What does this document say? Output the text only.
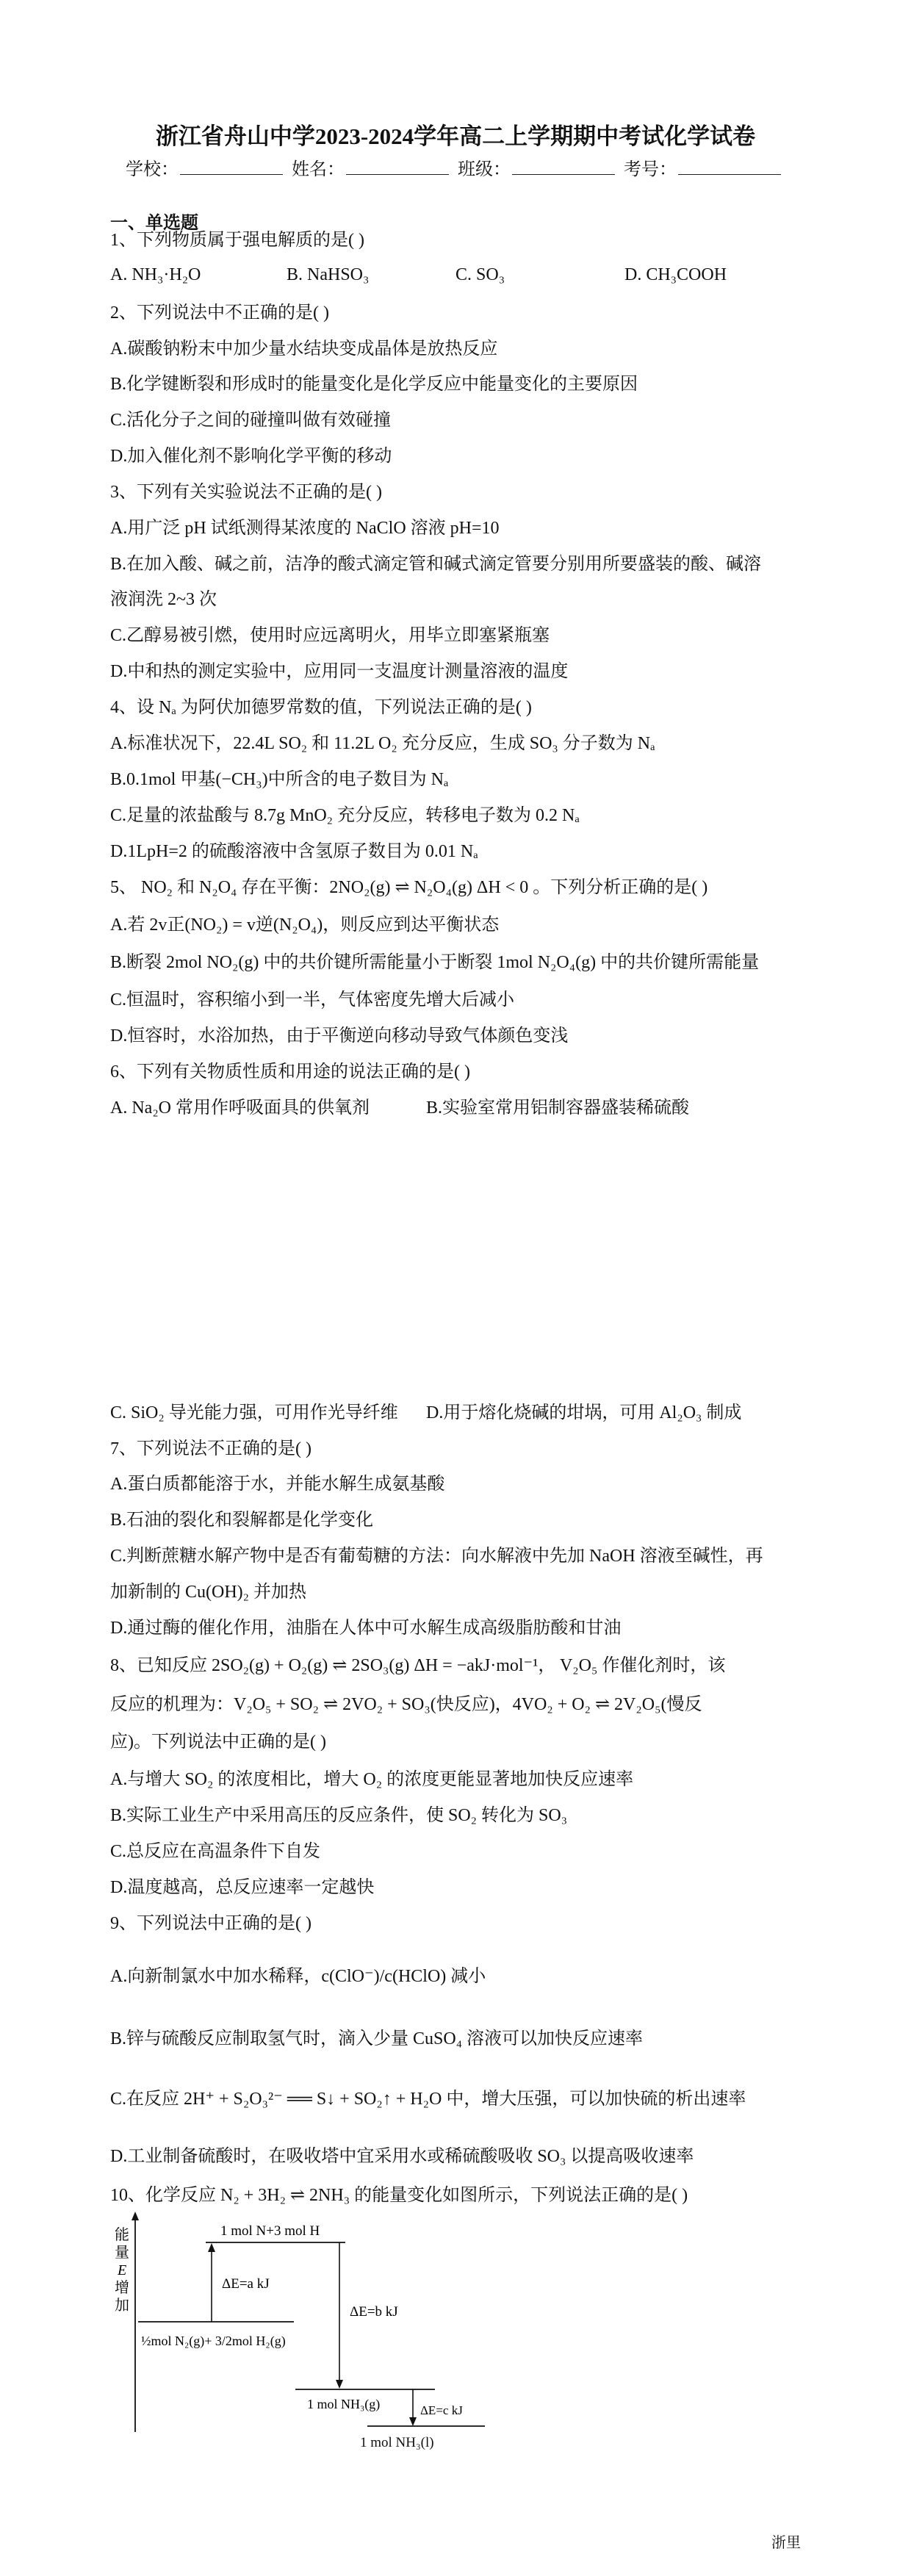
浙江省舟山中学2023-2024学年高二上学期期中考试化学试卷
学校：	姓名：	班级：	考号：
一、单选题
1、下列物质属于强电解质的是( )
A. NH₃·H₂O	B. NaHSO₃	C. SO₃	D. CH₃COOH
2、下列说法中不正确的是( )
A.碳酸钠粉末中加少量水结块变成晶体是放热反应
B.化学键断裂和形成时的能量变化是化学反应中能量变化的主要原因
C.活化分子之间的碰撞叫做有效碰撞
D.加入催化剂不影响化学平衡的移动
3、下列有关实验说法不正确的是( )
A.用广泛 pH 试纸测得某浓度的 NaClO 溶液 pH=10
B.在加入酸、碱之前，洁净的酸式滴定管和碱式滴定管要分别用所要盛装的酸、碱溶
液润洗 2~3 次
C.乙醇易被引燃，使用时应远离明火，用毕立即塞紧瓶塞
D.中和热的测定实验中，应用同一支温度计测量溶液的温度
4、设 Nₐ 为阿伏加德罗常数的值，下列说法正确的是( )
A.标准状况下，22.4L SO₂ 和 11.2L O₂ 充分反应，生成 SO₃ 分子数为 Nₐ
B.0.1mol 甲基(−CH₃)中所含的电子数目为 Nₐ
C.足量的浓盐酸与 8.7g MnO₂ 充分反应，转移电子数为 0.2 Nₐ
D.1LpH=2 的硫酸溶液中含氢原子数目为 0.01 Nₐ
5、 NO₂ 和 N₂O₄ 存在平衡：2NO₂(g) ⇌ N₂O₄(g) ΔH < 0 。下列分析正确的是( )
A.若 2v正(NO₂) = v逆(N₂O₄)，则反应到达平衡状态
B.断裂 2mol NO₂(g) 中的共价键所需能量小于断裂 1mol N₂O₄(g) 中的共价键所需能量
C.恒温时，容积缩小到一半，气体密度先增大后减小
D.恒容时，水浴加热，由于平衡逆向移动导致气体颜色变浅
6、下列有关物质性质和用途的说法正确的是( )
A. Na₂O 常用作呼吸面具的供氧剂	B.实验室常用铝制容器盛装稀硫酸
C. SiO₂ 导光能力强，可用作光导纤维 D.用于熔化烧碱的坩埚，可用 Al₂O₃ 制成
7、下列说法不正确的是( )
A.蛋白质都能溶于水，并能水解生成氨基酸
B.石油的裂化和裂解都是化学变化
C.判断蔗糖水解产物中是否有葡萄糖的方法：向水解液中先加 NaOH 溶液至碱性，再
加新制的 Cu(OH)₂ 并加热
D.通过酶的催化作用，油脂在人体中可水解生成高级脂肪酸和甘油
8、已知反应 2SO₂(g) + O₂(g) ⇌ 2SO₃(g) ΔH = −akJ·mol⁻¹， V₂O₅ 作催化剂时，该
反应的机理为：V₂O₅ + SO₂ ⇌ 2VO₂ + SO₃(快反应)，4VO₂ + O₂ ⇌ 2V₂O₅(慢反
应)。下列说法中正确的是( )
A.与增大 SO₂ 的浓度相比，增大 O₂ 的浓度更能显著地加快反应速率
B.实际工业生产中采用高压的反应条件，使 SO₂ 转化为 SO₃
C.总反应在高温条件下自发
D.温度越高，总反应速率一定越快
9、下列说法中正确的是( )
A.向新制氯水中加水稀释，c(ClO⁻)/c(HClO) 减小
B.锌与硫酸反应制取氢气时，滴入少量 CuSO₄ 溶液可以加快反应速率
C.在反应 2H⁺ + S₂O₃²⁻ ══ S↓ + SO₂↑ + H₂O 中，增大压强，可以加快硫的析出速率
D.工业制备硫酸时，在吸收塔中宜采用水或稀硫酸吸收 SO₃ 以提高吸收速率
10、化学反应 N₂ + 3H₂ ⇌ 2NH₃ 的能量变化如图所示，下列说法正确的是( )
能
量
E
增
加
1 mol N+3 mol H
½mol N₂(g)+ 3/2mol H₂(g)
ΔE=a kJ
ΔE=b kJ
1 mol NH₃(g)	ΔE=c kJ
1 mol NH₃(l)
浙里
